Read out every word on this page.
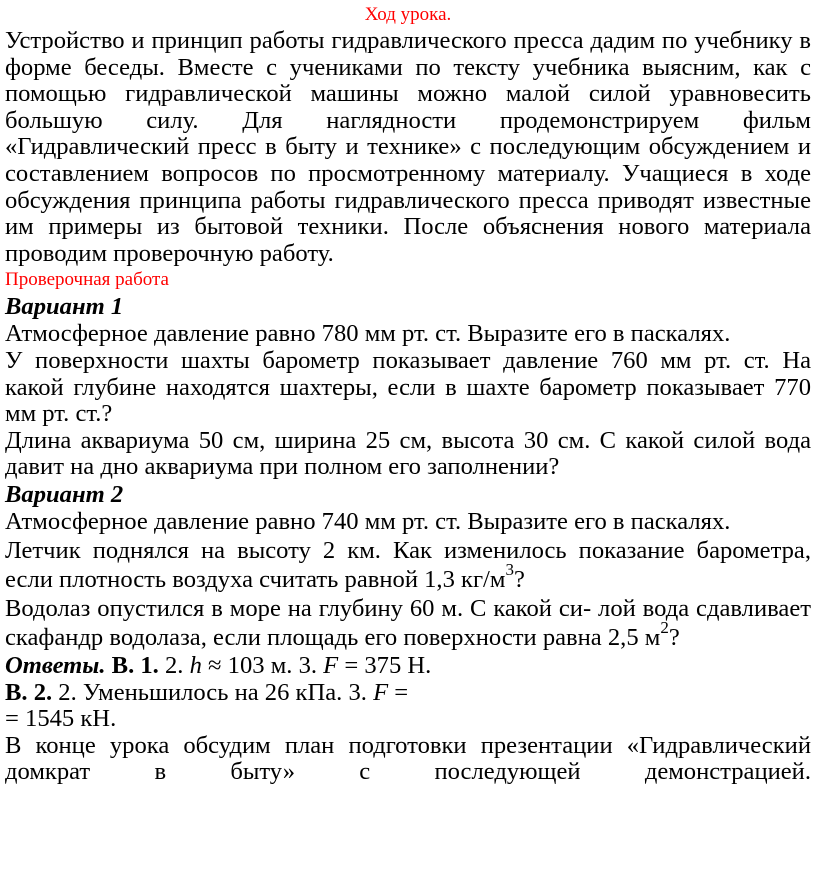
Ход урока.

Устройство и принцип работы гидравлического пресса дадим по учебнику в форме беседы. Вместе с учениками по тексту учебника выясним, как с помощью гидравлической машины можно малой силой уравновесить большую силу. Для наглядности продемонстрируем фильм «Гидравлический пресс в быту и технике» с последующим обсуждением и составлением вопросов по просмотренному материалу. Учащиеся в ходе обсуждения принципа работы гидравлического пресса приводят известные им примеры из бытовой техники. После объяснения нового материала проводим проверочную работу.

Проверочная работа
Вариант 1

Атмосферное давление равно 780 мм рт. ст. Выразите его в паскалях.

У поверхности шахты барометр показывает давление 760 мм рт. ст. На какой глубине находятся шахтеры, если в шахте барометр показывает 770 мм рт. ст.?

Длина аквариума 50 см, ширина 25 см, высота 30 см. С какой силой вода давит на дно аквариума при полном его заполнении?

Вариант 2

Атмосферное давление равно 740 мм рт. ст. Выразите его в паскалях.

Летчик поднялся на высоту 2 км. Как изменилось показание барометра, если плотность воздуха считать равной 1,3 $кг/м^3$?

Водолаз опустился в море на глубину 60 м. С какой си- лой вода сдавливает скафандр водолаза, если площадь его поверхности равна 2,5 $м^2$?

Ответы. В. 1. 2. h ≈ 103 м. 3. F = 375 Н.
В. 2. 2. Уменьшилось на 26 кПа. 3. F =
= 1545 кН.

В конце урока обсудим план подготовки презентации «Гидравлический домкрат в быту» с последующей демонстрацией.
